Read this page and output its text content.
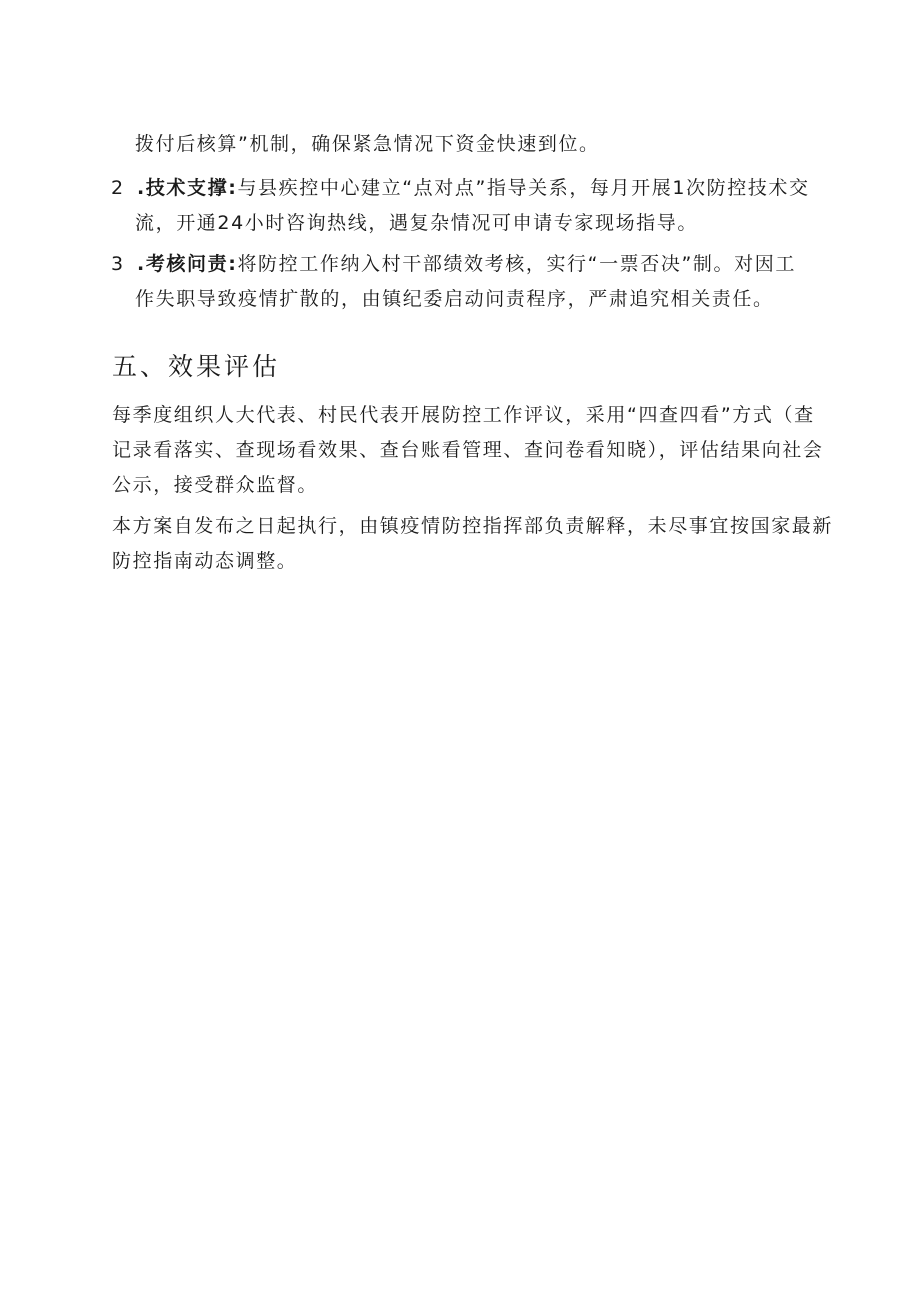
拨付后核算”机制，确保紧急情况下资金快速到位。
2 .技术支撑:与县疾控中心建立“点对点”指导关系，每月开展1次防控技术交
流，开通24小时咨询热线，遇复杂情况可申请专家现场指导。
3 .考核问责:将防控工作纳入村干部绩效考核，实行“一票否决”制。对因工
作失职导致疫情扩散的，由镇纪委启动问责程序，严肃追究相关责任。
五、效果评估
每季度组织人大代表、村民代表开展防控工作评议，采用“四查四看”方式（查
记录看落实、查现场看效果、查台账看管理、查问卷看知晓），评估结果向社会
公示，接受群众监督。
本方案自发布之日起执行，由镇疫情防控指挥部负责解释，未尽事宜按国家最新
防控指南动态调整。
